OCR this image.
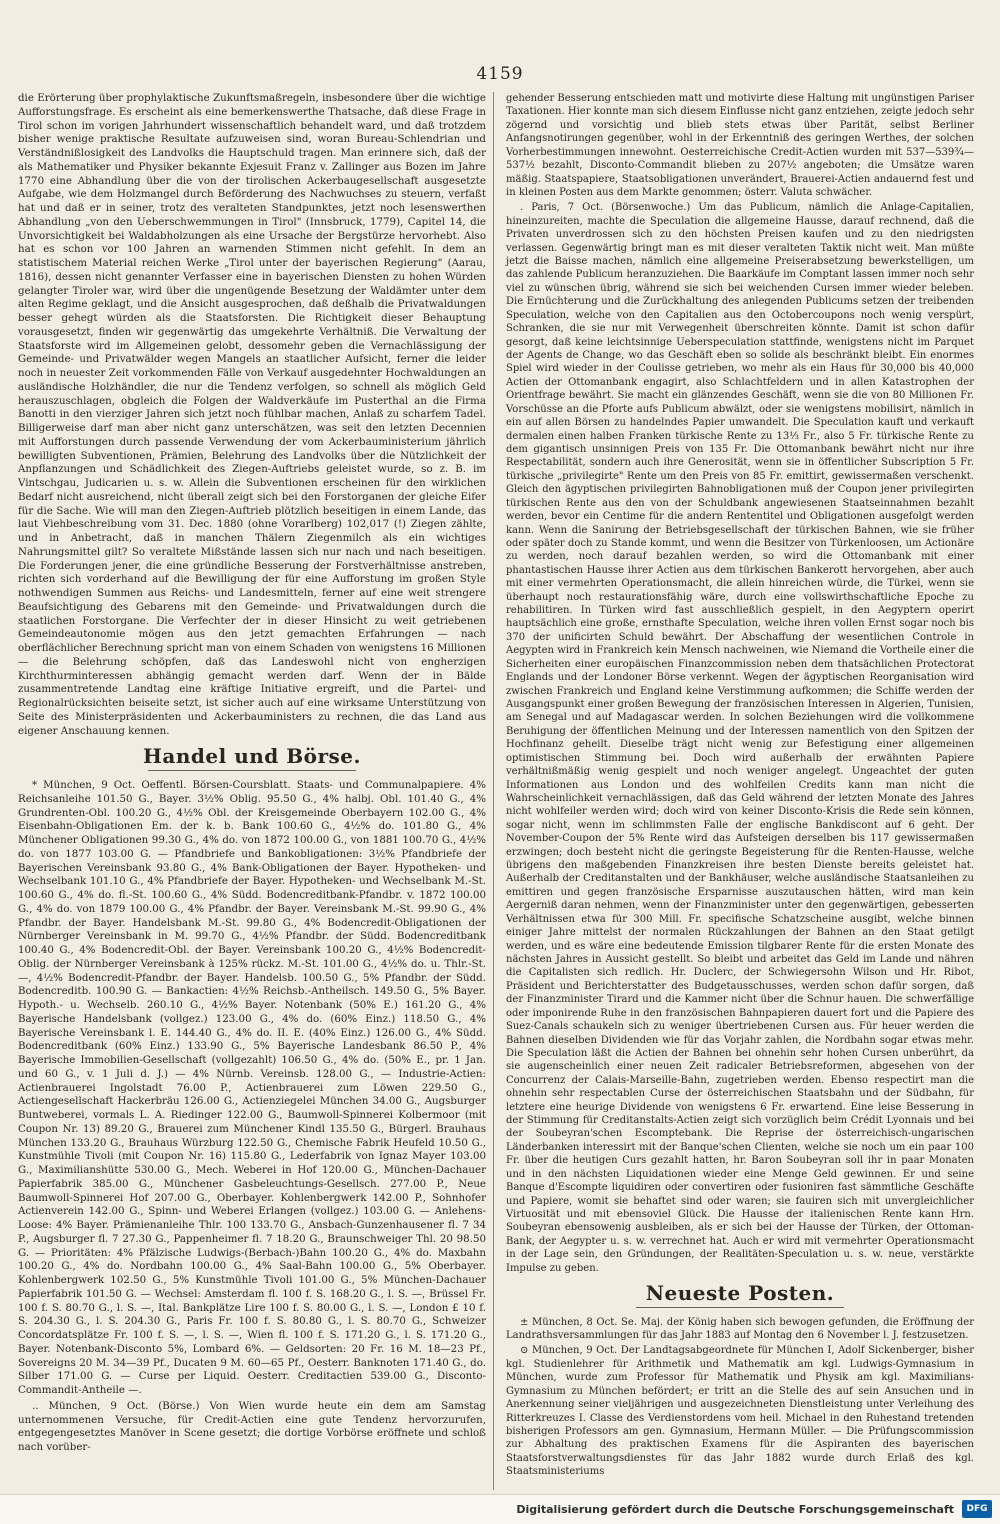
4159

die Erörterung über prophylaktische Zukunftsmaßregeln, insbesondere über die wichtige Aufforstungsfrage. Es erscheint als eine bemerkenswerthe Thatsache, daß diese Frage in Tirol schon im vorigen Jahrhundert wissenschaftlich behandelt ward, und daß trotzdem bisher wenige praktische Resultate aufzuweisen sind, woran Bureau-Schlendrian und Verständnißlosigkeit des Landvolks die Hauptschuld tragen. Man erinnere sich, daß der als Mathematiker und Physiker bekannte Exjesuit Franz v. Zallinger aus Bozen im Jahre 1770 eine Abhandlung über die von der tirolischen Ackerbaugesellschaft ausgesetzte Aufgabe, wie dem Holzmangel durch Beförderung des Nachwuchses zu steuern, verfaßt hat und daß er in seiner, trotz des veralteten Standpunktes, jetzt noch lesenswerthen Abhandlung „von den Ueberschwemmungen in Tirol" (Innsbruck, 1779), Capitel 14, die Unvorsichtigkeit bei Waldabholzungen als eine Ursache der Bergstürze hervorhebt. Also hat es schon vor 100 Jahren an warnenden Stimmen nicht gefehlt. In dem an statistischem Material reichen Werke „Tirol unter der bayerischen Regierung" (Aarau, 1816), dessen nicht genannter Verfasser eine in bayerischen Diensten zu hohen Würden gelangter Tiroler war, wird über die ungenügende Besetzung der Waldämter unter dem alten Regime geklagt, und die Ansicht ausgesprochen, daß deßhalb die Privatwaldungen besser gehegt würden als die Staatsforsten. Die Richtigkeit dieser Behauptung vorausgesetzt, finden wir gegenwärtig das umgekehrte Verhältniß. Die Verwaltung der Staatsforste wird im Allgemeinen gelobt, dessomehr geben die Vernachlässigung der Gemeinde- und Privatwälder wegen Mangels an staatlicher Aufsicht, ferner die leider noch in neuester Zeit vorkommenden Fälle von Verkauf ausgedehnter Hochwaldungen an ausländische Holzhändler, die nur die Tendenz verfolgen, so schnell als möglich Geld herauszuschlagen, obgleich die Folgen der Waldverkäufe im Pusterthal an die Firma Banotti in den vierziger Jahren sich jetzt noch fühlbar machen, Anlaß zu scharfem Tadel. Billigerweise darf man aber nicht ganz unterschätzen, was seit den letzten Decennien mit Aufforstungen durch passende Verwendung der vom Ackerbauministerium jährlich bewilligten Subventionen, Prämien, Belehrung des Landvolks über die Nützlichkeit der Anpflanzungen und Schädlichkeit des Ziegen-Auftriebs geleistet wurde, so z. B. im Vintschgau, Judicarien u. s. w. Allein die Subventionen erscheinen für den wirklichen Bedarf nicht ausreichend, nicht überall zeigt sich bei den Forstorganen der gleiche Eifer für die Sache. Wie will man den Ziegen-Auftrieb plötzlich beseitigen in einem Lande, das laut Viehbeschreibung vom 31. Dec. 1880 (ohne Vorarlberg) 102,017 (!) Ziegen zählte, und in Anbetracht, daß in manchen Thälern Ziegenmilch als ein wichtiges Nahrungsmittel gilt? So veraltete Mißstände lassen sich nur nach und nach beseitigen. Die Forderungen jener, die eine gründliche Besserung der Forstverhältnisse anstreben, richten sich vorderhand auf die Bewilligung der für eine Aufforstung im großen Style nothwendigen Summen aus Reichs- und Landesmitteln, ferner auf eine weit strengere Beaufsichtigung des Gebarens mit den Gemeinde- und Privatwaldungen durch die staatlichen Forstorgane. Die Verfechter der in dieser Hinsicht zu weit getriebenen Gemeindeautonomie mögen aus den jetzt gemachten Erfahrungen — nach oberflächlicher Berechnung spricht man von einem Schaden von wenigstens 16 Millionen — die Belehrung schöpfen, daß das Landeswohl nicht von engherzigen Kirchthurminteressen abhängig gemacht werden darf. Wenn der in Bälde zusammentretende Landtag eine kräftige Initiative ergreift, und die Partei- und Regionalrücksichten beiseite setzt, ist sicher auch auf eine wirksame Unterstützung von Seite des Ministerpräsidenten und Ackerbauministers zu rechnen, die das Land aus eigener Anschauung kennen.

Handel und Börse.

* München, 9 Oct. Oeffentl. Börsen-Coursblatt. Staats- und Communalpapiere. 4% Reichsanleihe 101.50 G., Bayer. 3½% Oblig. 95.50 G., 4% halbj. Obl. 101.40 G., 4% Grundrenten-Obl. 100.20 G., 4½% Obl. der Kreisgemeinde Oberbayern 102.00 G., 4% Eisenbahn-Obligationen Em. der k. b. Bank 100.60 G., 4½% do. 101.80 G., 4% Münchener Obligationen 99.30 G., 4% do. von 1872 100.00 G., von 1881 100.70 G., 4½% do. von 1877 103.00 G. — Pfandbriefe und Bankobligationen: 3½% Pfandbriefe der Bayerischen Vereinsbank 93.80 G., 4% Bank-Obligationen der Bayer. Hypotheken- und Wechselbank 101.10 G., 4% Pfandbriefe der Bayer. Hypotheken- und Wechselbank M.-St. 100.60 G., 4% do. fl.-St. 100.60 G., 4% Südd. Bodencreditbank-Pfandbr. v. 1872 100.00 G., 4% do. von 1879 100.00 G., 4% Pfandbr. der Bayer. Vereinsbank M.-St. 99.90 G., 4% Pfandbr. der Bayer. Handelsbank M.-St. 99.80 G., 4% Bodencredit-Obligationen der Nürnberger Vereinsbank in M. 99.70 G., 4½% Pfandbr. der Südd. Bodencreditbank 100.40 G., 4% Bodencredit-Obl. der Bayer. Vereinsbank 100.20 G., 4½% Bodencredit-Oblig. der Nürnberger Vereinsbank à 125% rückz. M.-St. 101.00 G., 4½% do. u. Thlr.-St. —, 4½% Bodencredit-Pfandbr. der Bayer. Handelsb. 100.50 G., 5% Pfandbr. der Südd. Bodencreditb. 100.90 G. — Bankactien: 4½% Reichsb.-Antheilsch. 149.50 G., 5% Bayer. Hypoth.- u. Wechselb. 260.10 G., 4½% Bayer. Notenbank (50% E.) 161.20 G., 4% Bayerische Handelsbank (vollgez.) 123.00 G., 4% do. (60% Einz.) 118.50 G., 4% Bayerische Vereinsbank l. E. 144.40 G., 4% do. II. E. (40% Einz.) 126.00 G., 4% Südd. Bodencreditbank (60% Einz.) 133.90 G., 5% Bayerische Landesbank 86.50 P., 4% Bayerische Immobilien-Gesellschaft (vollgezahlt) 106.50 G., 4% do. (50% E., pr. 1 Jan. und 60 G., v. 1 Juli d. J.) — 4% Nürnb. Vereinsb. 128.00 G., — Industrie-Actien: Actienbrauerei Ingolstadt 76.00 P., Actienbrauerei zum Löwen 229.50 G., Actiengesellschaft Hackerbräu 126.00 G., Actienziegelei München 34.00 G., Augsburger Buntweberei, vormals L. A. Riedinger 122.00 G., Baumwoll-Spinnerei Kolbermoor (mit Coupon Nr. 13) 89.20 G., Brauerei zum Münchener Kindl 135.50 G., Bürgerl. Brauhaus München 133.20 G., Brauhaus Würzburg 122.50 G., Chemische Fabrik Heufeld 10.50 G., Kunstmühle Tivoli (mit Coupon Nr. 16) 115.80 G., Lederfabrik von Ignaz Mayer 103.00 G., Maximilianshütte 530.00 G., Mech. Weberei in Hof 120.00 G., München-Dachauer Papierfabrik 385.00 G., Münchener Gasbeleuchtungs-Gesellsch. 277.00 P., Neue Baumwoll-Spinnerei Hof 207.00 G., Oberbayer. Kohlenbergwerk 142.00 P., Sohnhofer Actienverein 142.00 G., Spinn- und Weberei Erlangen (vollgez.) 103.00 G. — Anlehens-Loose: 4% Bayer. Prämienanleihe Thlr. 100 133.70 G., Ansbach-Gunzenhausener fl. 7 34 P., Augsburger fl. 7 27.30 G., Pappenheimer fl. 7 18.20 G., Braunschweiger Thl. 20 98.50 G. — Prioritäten: 4% Pfälzische Ludwigs-(Berbach-)Bahn 100.20 G., 4% do. Maxbahn 100.20 G., 4% do. Nordbahn 100.00 G., 4% Saal-Bahn 100.00 G., 5% Oberbayer. Kohlenbergwerk 102.50 G., 5% Kunstmühle Tivoli 101.00 G., 5% München-Dachauer Papierfabrik 101.50 G. — Wechsel: Amsterdam fl. 100 f. S. 168.20 G., l. S. —, Brüssel Fr. 100 f. S. 80.70 G., l. S. —, Ital. Bankplätze Lire 100 f. S. 80.00 G., l. S. —, London £ 10 f. S. 204.30 G., l. S. 204.30 G., Paris Fr. 100 f. S. 80.80 G., l. S. 80.70 G., Schweizer Concordatsplätze Fr. 100 f. S. —, l. S. —, Wien fl. 100 f. S. 171.20 G., l. S. 171.20 G., Bayer. Notenbank-Disconto 5%, Lombard 6%. — Geldsorten: 20 Fr. 16 M. 18—23 Pf., Sovereigns 20 M. 34—39 Pf., Ducaten 9 M. 60—65 Pf., Oesterr. Banknoten 171.40 G., do. Silber 171.00 G. — Curse per Liquid. Oesterr. Creditactien 539.00 G., Disconto-Commandit-Antheile —.

.. München, 9 Oct. (Börse.) Von Wien wurde heute ein dem am Samstag unternommenen Versuche, für Credit-Actien eine gute Tendenz hervorzurufen, entgegengesetztes Manöver in Scene gesetzt; die dortige Vorbörse eröffnete und schloß nach vorüber-

gehender Besserung entschieden matt und motivirte diese Haltung mit ungünstigen Pariser Taxationen. Hier konnte man sich diesem Einflusse nicht ganz entziehen, zeigte jedoch sehr zögernd und vorsichtig und blieb stets etwas über Parität, selbst Berliner Anfangsnotirungen gegenüber, wohl in der Erkenntniß des geringen Werthes, der solchen Vorherbestimmungen innewohnt. Oesterreichische Credit-Actien wurden mit 537—539¾—537½ bezahlt, Disconto-Commandit blieben zu 207½ angeboten; die Umsätze waren mäßig. Staatspapiere, Staatsobligationen unverändert, Brauerei-Actien andauernd fest und in kleinen Posten aus dem Markte genommen; österr. Valuta schwächer.

. Paris, 7 Oct. (Börsenwoche.) Um das Publicum, nämlich die Anlage-Capitalien, hineinzureiten, machte die Speculation die allgemeine Hausse, darauf rechnend, daß die Privaten unverdrossen sich zu den höchsten Preisen kaufen und zu den niedrigsten verlassen. Gegenwärtig bringt man es mit dieser veralteten Taktik nicht weit. Man müßte jetzt die Baisse machen, nämlich eine allgemeine Preiserabsetzung bewerkstelligen, um das zahlende Publicum heranzuziehen. Die Baarkäufe im Comptant lassen immer noch sehr viel zu wünschen übrig, während sie sich bei weichenden Cursen immer wieder beleben. Die Ernüchterung und die Zurückhaltung des anlegenden Publicums setzen der treibenden Speculation, welche von den Capitalien aus den Octobercoupons noch wenig verspürt, Schranken, die sie nur mit Verwegenheit überschreiten könnte. Damit ist schon dafür gesorgt, daß keine leichtsinnige Ueberspeculation stattfinde, wenigstens nicht im Parquet der Agents de Change, wo das Geschäft eben so solide als beschränkt bleibt. Ein enormes Spiel wird wieder in der Coulisse getrieben, wo mehr als ein Haus für 30,000 bis 40,000 Actien der Ottomanbank engagirt, also Schlachtfeldern und in allen Katastrophen der Orientfrage bewährt. Sie macht ein glänzendes Geschäft, wenn sie die von 80 Millionen Fr. Vorschüsse an die Pforte aufs Publicum abwälzt, oder sie wenigstens mobilisirt, nämlich in ein auf allen Börsen zu handelndes Papier umwandelt. Die Speculation kauft und verkauft dermalen einen halben Franken türkische Rente zu 13⅓ Fr., also 5 Fr. türkische Rente zu dem gigantisch unsinnigen Preis von 135 Fr. Die Ottomanbank bewährt nicht nur ihre Respectabilität, sondern auch ihre Generosität, wenn sie in öffentlicher Subscription 5 Fr. türkische „privilegirte" Rente um den Preis von 85 Fr. emittirt, gewissermaßen verschenkt. Gleich den ägyptischen privilegirten Bahnobligationen muß der Coupon jener privilegirten türkischen Rente aus den von der Schuldbank angewiesenen Staatseinnahmen bezahlt werden, bevor ein Centime für die andern Rententitel und Obligationen ausgefolgt werden kann. Wenn die Sanirung der Betriebsgesellschaft der türkischen Bahnen, wie sie früher oder später doch zu Stande kommt, und wenn die Besitzer von Türkenloosen, um Actionäre zu werden, noch darauf bezahlen werden, so wird die Ottomanbank mit einer phantastischen Hausse ihrer Actien aus dem türkischen Bankerott hervorgehen, aber auch mit einer vermehrten Operationsmacht, die allein hinreichen würde, die Türkei, wenn sie überhaupt noch restaurationsfähig wäre, durch eine vollswirthschaftliche Epoche zu rehabilitiren. In Türken wird fast ausschließlich gespielt, in den Aegyptern operirt hauptsächlich eine große, ernsthafte Speculation, welche ihren vollen Ernst sogar noch bis 370 der unificirten Schuld bewährt. Der Abschaffung der wesentlichen Controle in Aegypten wird in Frankreich kein Mensch nachweinen, wie Niemand die Vortheile einer die Sicherheiten einer europäischen Finanzcommission neben dem thatsächlichen Protectorat Englands und der Londoner Börse verkennt. Wegen der ägyptischen Reorganisation wird zwischen Frankreich und England keine Verstimmung aufkommen; die Schiffe werden der Ausgangspunkt einer großen Bewegung der französischen Interessen in Algerien, Tunisien, am Senegal und auf Madagascar werden. In solchen Beziehungen wird die vollkommene Beruhigung der öffentlichen Meinung und der Interessen namentlich von den Spitzen der Hochfinanz geheilt. Dieselbe trägt nicht wenig zur Befestigung einer allgemeinen optimistischen Stimmung bei. Doch wird außerhalb der erwähnten Papiere verhältnißmäßig wenig gespielt und noch weniger angelegt. Ungeachtet der guten Informationen aus London und des wohlfeilen Credits kann man nicht die Wahrscheinlichkeit vernachlässigen, daß das Geld während der letzten Monate des Jahres nicht wohlfeiler werden wird; doch wird von keiner Disconto-Krisis die Rede sein können, sogar nicht, wenn im schlimmsten Falle der englische Bankdiscont auf 6 geht. Der November-Coupon der 5% Rente wird das Aufsteigen derselben bis 117 gewissermaßen erzwingen; doch besteht nicht die geringste Begeisterung für die Renten-Hausse, welche übrigens den maßgebenden Finanzkreisen ihre besten Dienste bereits geleistet hat. Außerhalb der Creditanstalten und der Bankhäuser, welche ausländische Staatsanleihen zu emittiren und gegen französische Ersparnisse auszutauschen hätten, wird man kein Aergerniß daran nehmen, wenn der Finanzminister unter den gegenwärtigen, gebesserten Verhältnissen etwa für 300 Mill. Fr. specifische Schatzscheine ausgibt, welche binnen einiger Jahre mittelst der normalen Rückzahlungen der Bahnen an den Staat getilgt werden, und es wäre eine bedeutende Emission tilgbarer Rente für die ersten Monate des nächsten Jahres in Aussicht gestellt. So bleibt und arbeitet das Geld im Lande und nähren die Capitalisten sich redlich. Hr. Duclerc, der Schwiegersohn Wilson und Hr. Ribot, Präsident und Berichterstatter des Budgetausschusses, werden schon dafür sorgen, daß der Finanzminister Tirard und die Kammer nicht über die Schnur hauen. Die schwerfällige oder imponirende Ruhe in den französischen Bahnpapieren dauert fort und die Papiere des Suez-Canals schaukeln sich zu weniger übertriebenen Cursen aus. Für heuer werden die Bahnen dieselben Dividenden wie für das Vorjahr zahlen, die Nordbahn sogar etwas mehr. Die Speculation läßt die Actien der Bahnen bei ohnehin sehr hohen Cursen unberührt, da sie augenscheinlich einer neuen Zeit radicaler Betriebsreformen, abgesehen von der Concurrenz der Calais-Marseille-Bahn, zugetrieben werden. Ebenso respectirt man die ohnehin sehr respectablen Curse der österreichischen Staatsbahn und der Südbahn, für letztere eine heurige Dividende von wenigstens 6 Fr. erwartend. Eine leise Besserung in der Stimmung für Creditanstalts-Actien zeigt sich vorzüglich beim Crédit Lyonnais und bei der Soubeyran'schen Escomptebank. Die Reprise der österreichisch-ungarischen Länderbanken interessirt mit der Banque'schen Clienten, welche sie noch um ein paar 100 Fr. über die heutigen Curs gezahlt hatten, hr. Baron Soubeyran soll ihr in paar Monaten und in den nächsten Liquidationen wieder eine Menge Geld gewinnen. Er und seine Banque d'Escompte liquidiren oder convertiren oder fusioniren fast sämmtliche Geschäfte und Papiere, womit sie behaftet sind oder waren; sie fauiren sich mit unvergleichlicher Virtuosität und mit ebensoviel Glück. Die Hausse der italienischen Rente kann Hrn. Soubeyran ebensowenig ausbleiben, als er sich bei der Hausse der Türken, der Ottoman-Bank, der Aegypter u. s. w. verrechnet hat. Auch er wird mit vermehrter Operationsmacht in der Lage sein, den Gründungen, der Realitäten-Speculation u. s. w. neue, verstärkte Impulse zu geben.

Neueste Posten.

± München, 8 Oct. Se. Maj. der König haben sich bewogen gefunden, die Eröffnung der Landrathsversammlungen für das Jahr 1883 auf Montag den 6 November l. J. festzusetzen.

⊙ München, 9 Oct. Der Landtagsabgeordnete für München I, Adolf Sickenberger, bisher kgl. Studienlehrer für Arithmetik und Mathematik am kgl. Ludwigs-Gymnasium in München, wurde zum Professor für Mathematik und Physik am kgl. Maximilians-Gymnasium zu München befördert; er tritt an die Stelle des auf sein Ansuchen und in Anerkennung seiner vieljährigen und ausgezeichneten Dienstleistung unter Verleihung des Ritterkreuzes I. Classe des Verdienstordens vom heil. Michael in den Ruhestand tretenden bisherigen Professors am gen. Gymnasium, Hermann Müller. — Die Prüfungscommission zur Abhaltung des praktischen Examens für die Aspiranten des bayerischen Staatsforstverwaltungsdienstes für das Jahr 1882 wurde durch Erlaß des kgl. Staatsministeriums

Digitalisierung gefördert durch die Deutsche Forschungsgemeinschaft	DFG
